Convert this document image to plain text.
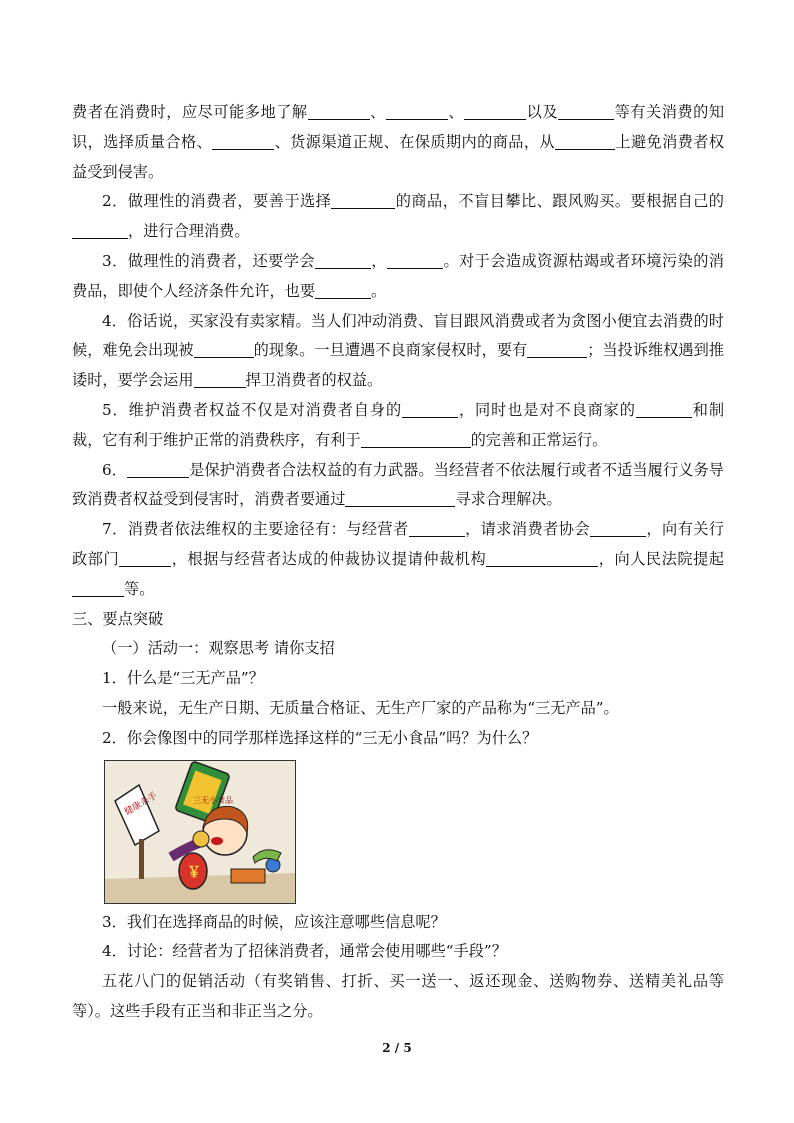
费者在消费时，应尽可能多地了解	、	、	以及	等有关消费的知识，选择质量合格、	、货源渠道正规、在保质期内的商品，从	上避免消费者权益受到侵害。

2．做理性的消费者，要善于选择	的商品，不盲目攀比、跟风购买。要根据自己的，进行合理消费。

3．做理性的消费者，还要学会	，	。对于会造成资源枯竭或者环境污染的消费品，即使个人经济条件允许，也要	。

4．俗话说，买家没有卖家精。当人们冲动消费、盲目跟风消费或者为贪图小便宜去消费的时候，难免会出现被	的现象。一旦遭遇不良商家侵权时，要有	；当投诉维权遇到推诿时，要学会运用	捍卫消费者的权益。

5．维护消费者权益不仅是对消费者自身的	，同时也是对不良商家的	和制裁，它有利于维护正常的消费秩序，有利于	的完善和正常运行。

6．	是保护消费者合法权益的有力武器。当经营者不依法履行或者不适当履行义务导致消费者权益受到侵害时，消费者要通过	寻求合理解决。

7．消费者依法维权的主要途径有：与经营者	，请求消费者协会	，向有关行政部门	，根据与经营者达成的仲裁协议提请仲裁机构	，向人民法院提起等。

三、要点突破

（一）活动一：观察思考 请你支招

1．什么是“三无产品”？

一般来说，无生产日期、无质量合格证、无生产厂家的产品称为“三无产品”。

2．你会像图中的同学那样选择这样的“三无小食品”吗？为什么？

健康杀手	三无小食品
￥

3．我们在选择商品的时候，应该注意哪些信息呢？

4．讨论：经营者为了招徕消费者，通常会使用哪些“手段”？

五花八门的促销活动（有奖销售、打折、买一送一、返还现金、送购物券、送精美礼品等等）。这些手段有正当和非正当之分。

2 / 5
